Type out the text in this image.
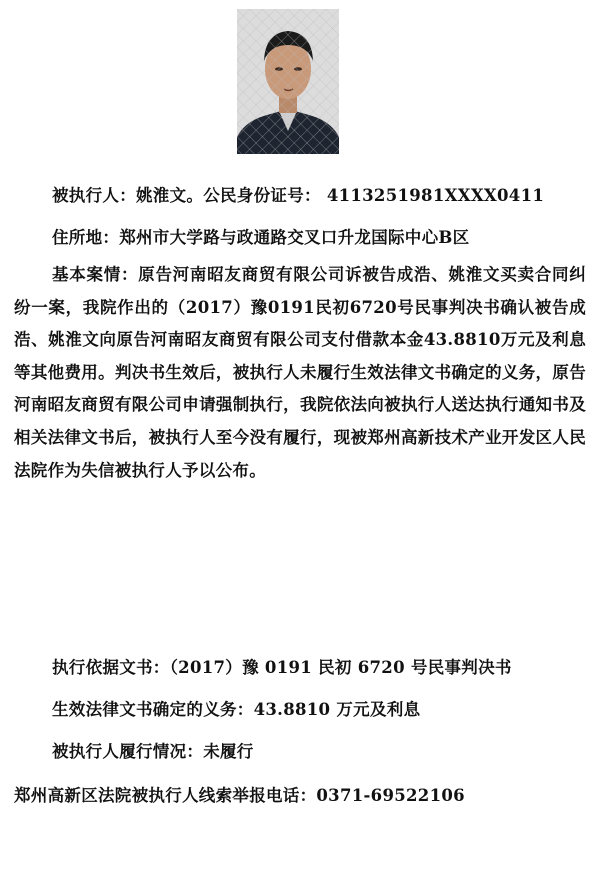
被执行人：姚淮文。公民身份证号： 4113251981XXXX0411
住所地：郑州市大学路与政通路交叉口升龙国际中心B区
基本案情：原告河南昭友商贸有限公司诉被告成浩、姚淮文买卖合同纠纷一案，我院作出的（2017）豫0191民初6720号民事判决书确认被告成浩、姚淮文向原告河南昭友商贸有限公司支付借款本金43.8810万元及利息等其他费用。判决书生效后，被执行人未履行生效法律文书确定的义务，原告河南昭友商贸有限公司申请强制执行，我院依法向被执行人送达执行通知书及相关法律文书后，被执行人至今没有履行，现被郑州高新技术产业开发区人民法院作为失信被执行人予以公布。
执行依据文书：（2017）豫 0191 民初 6720 号民事判决书
生效法律文书确定的义务：43.8810 万元及利息
被执行人履行情况：未履行
郑州高新区法院被执行人线索举报电话：0371-69522106
